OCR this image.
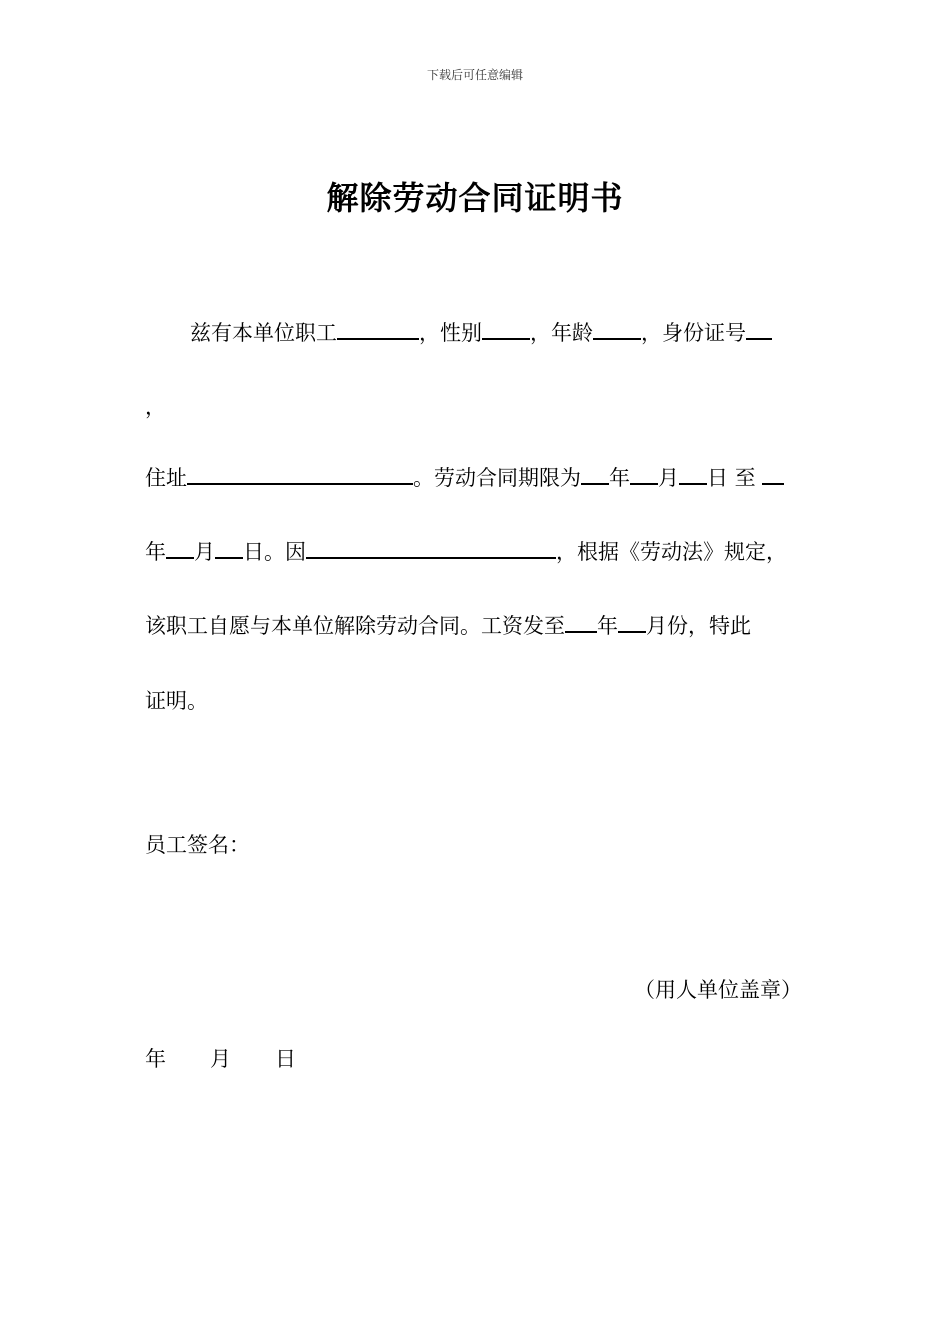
下载后可任意编辑
解除劳动合同证明书
兹有本单位职工	，性别 ，年龄 ，身份证号
，
住址	。劳动合同期限为 年 月 日 至
年 月 日。因	，根据《劳动法》规定，
该职工自愿与本单位解除劳动合同。工资发至 年 月份，特此
证明。
员工签名：
（用人单位盖章）
年 月 日
